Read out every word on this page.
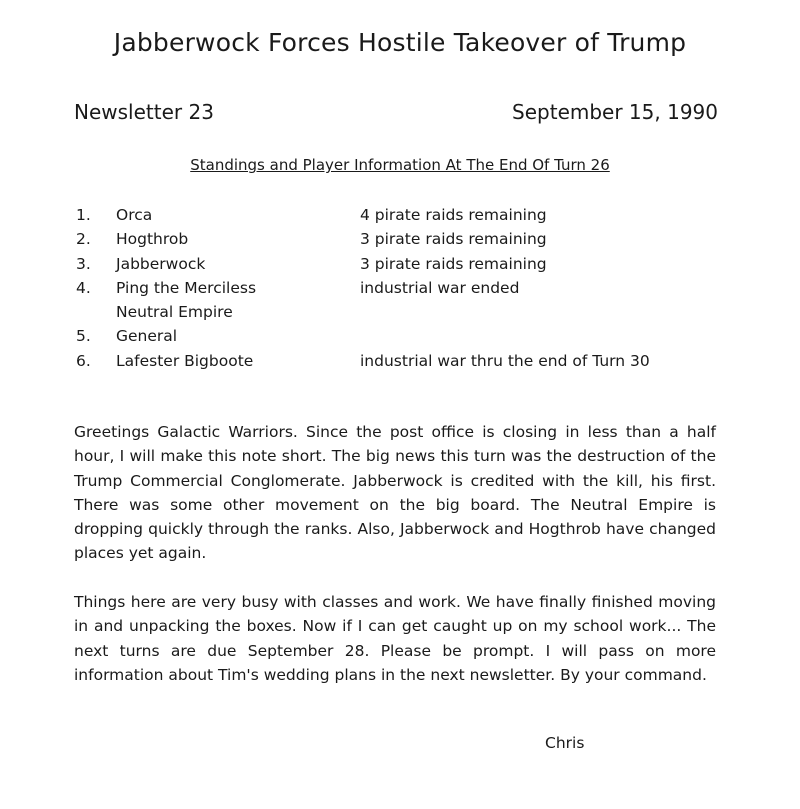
Jabberwock Forces Hostile Takeover of Trump
Newsletter 23	September 15, 1990
Standings and Player Information At The End Of Turn 26
1.	Orca	4 pirate raids remaining
2.	Hogthrob	3 pirate raids remaining
3.	Jabberwock	3 pirate raids remaining
4.	Ping the Merciless	industrial war ended
Neutral Empire
5.	General
6.	Lafester Bigboote	industrial war thru the end of Turn 30

Greetings Galactic Warriors. Since the post office is closing in less than a half hour, I will make this note short. The big news this turn was the destruction of the Trump Commercial Conglomerate. Jabberwock is credited with the kill, his first. There was some other movement on the big board. The Neutral Empire is dropping quickly through the ranks. Also, Jabberwock and Hogthrob have changed places yet again.

Things here are very busy with classes and work. We have finally finished moving in and unpacking the boxes. Now if I can get caught up on my school work... The next turns are due September 28. Please be prompt. I will pass on more information about Tim's wedding plans in the next newsletter. By your command.

Chris
